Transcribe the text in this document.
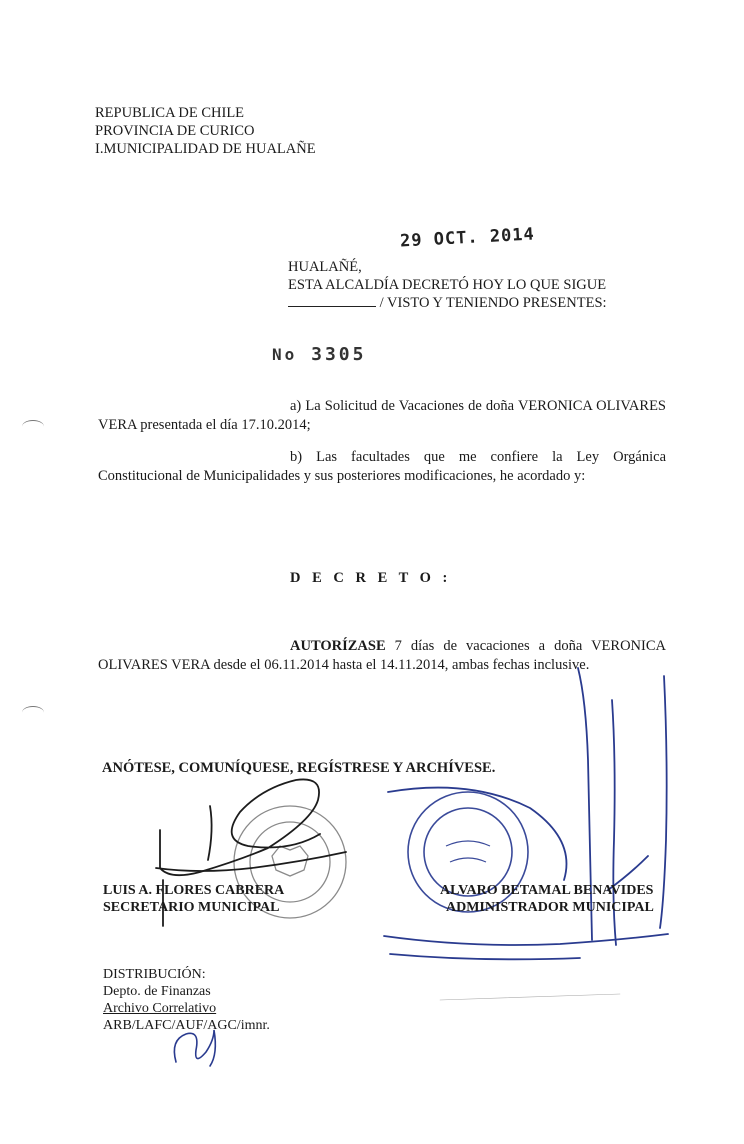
REPUBLICA DE CHILE
PROVINCIA DE CURICO
I.MUNICIPALIDAD DE HUALAÑE
29 OCT. 2014
HUALAÑÉ,
ESTA ALCALDÍA DECRETÓ HOY LO QUE SIGUE
/ VISTO Y TENIENDO PRESENTES:
No 3305
a) La Solicitud de Vacaciones de doña VERONICA OLIVARES VERA presentada el día 17.10.2014;
b) Las facultades que me confiere la Ley Orgánica Constitucional de Municipalidades y sus posteriores modificaciones, he acordado y:
D E C R E T O :
AUTORÍZASE 7 días de vacaciones a doña VERONICA OLIVARES VERA desde el 06.11.2014 hasta el 14.11.2014, ambas fechas inclusive.
ANÓTESE, COMUNÍQUESE, REGÍSTRESE Y ARCHÍVESE.
LUIS A. FLORES CABRERA
SECRETARIO MUNICIPAL
ALVARO BETAMAL BENAVIDES
ADMINISTRADOR MUNICIPAL
DISTRIBUCIÓN:
Depto. de Finanzas
Archivo Correlativo
ARB/LAFC/AUF/AGC/imnr.
